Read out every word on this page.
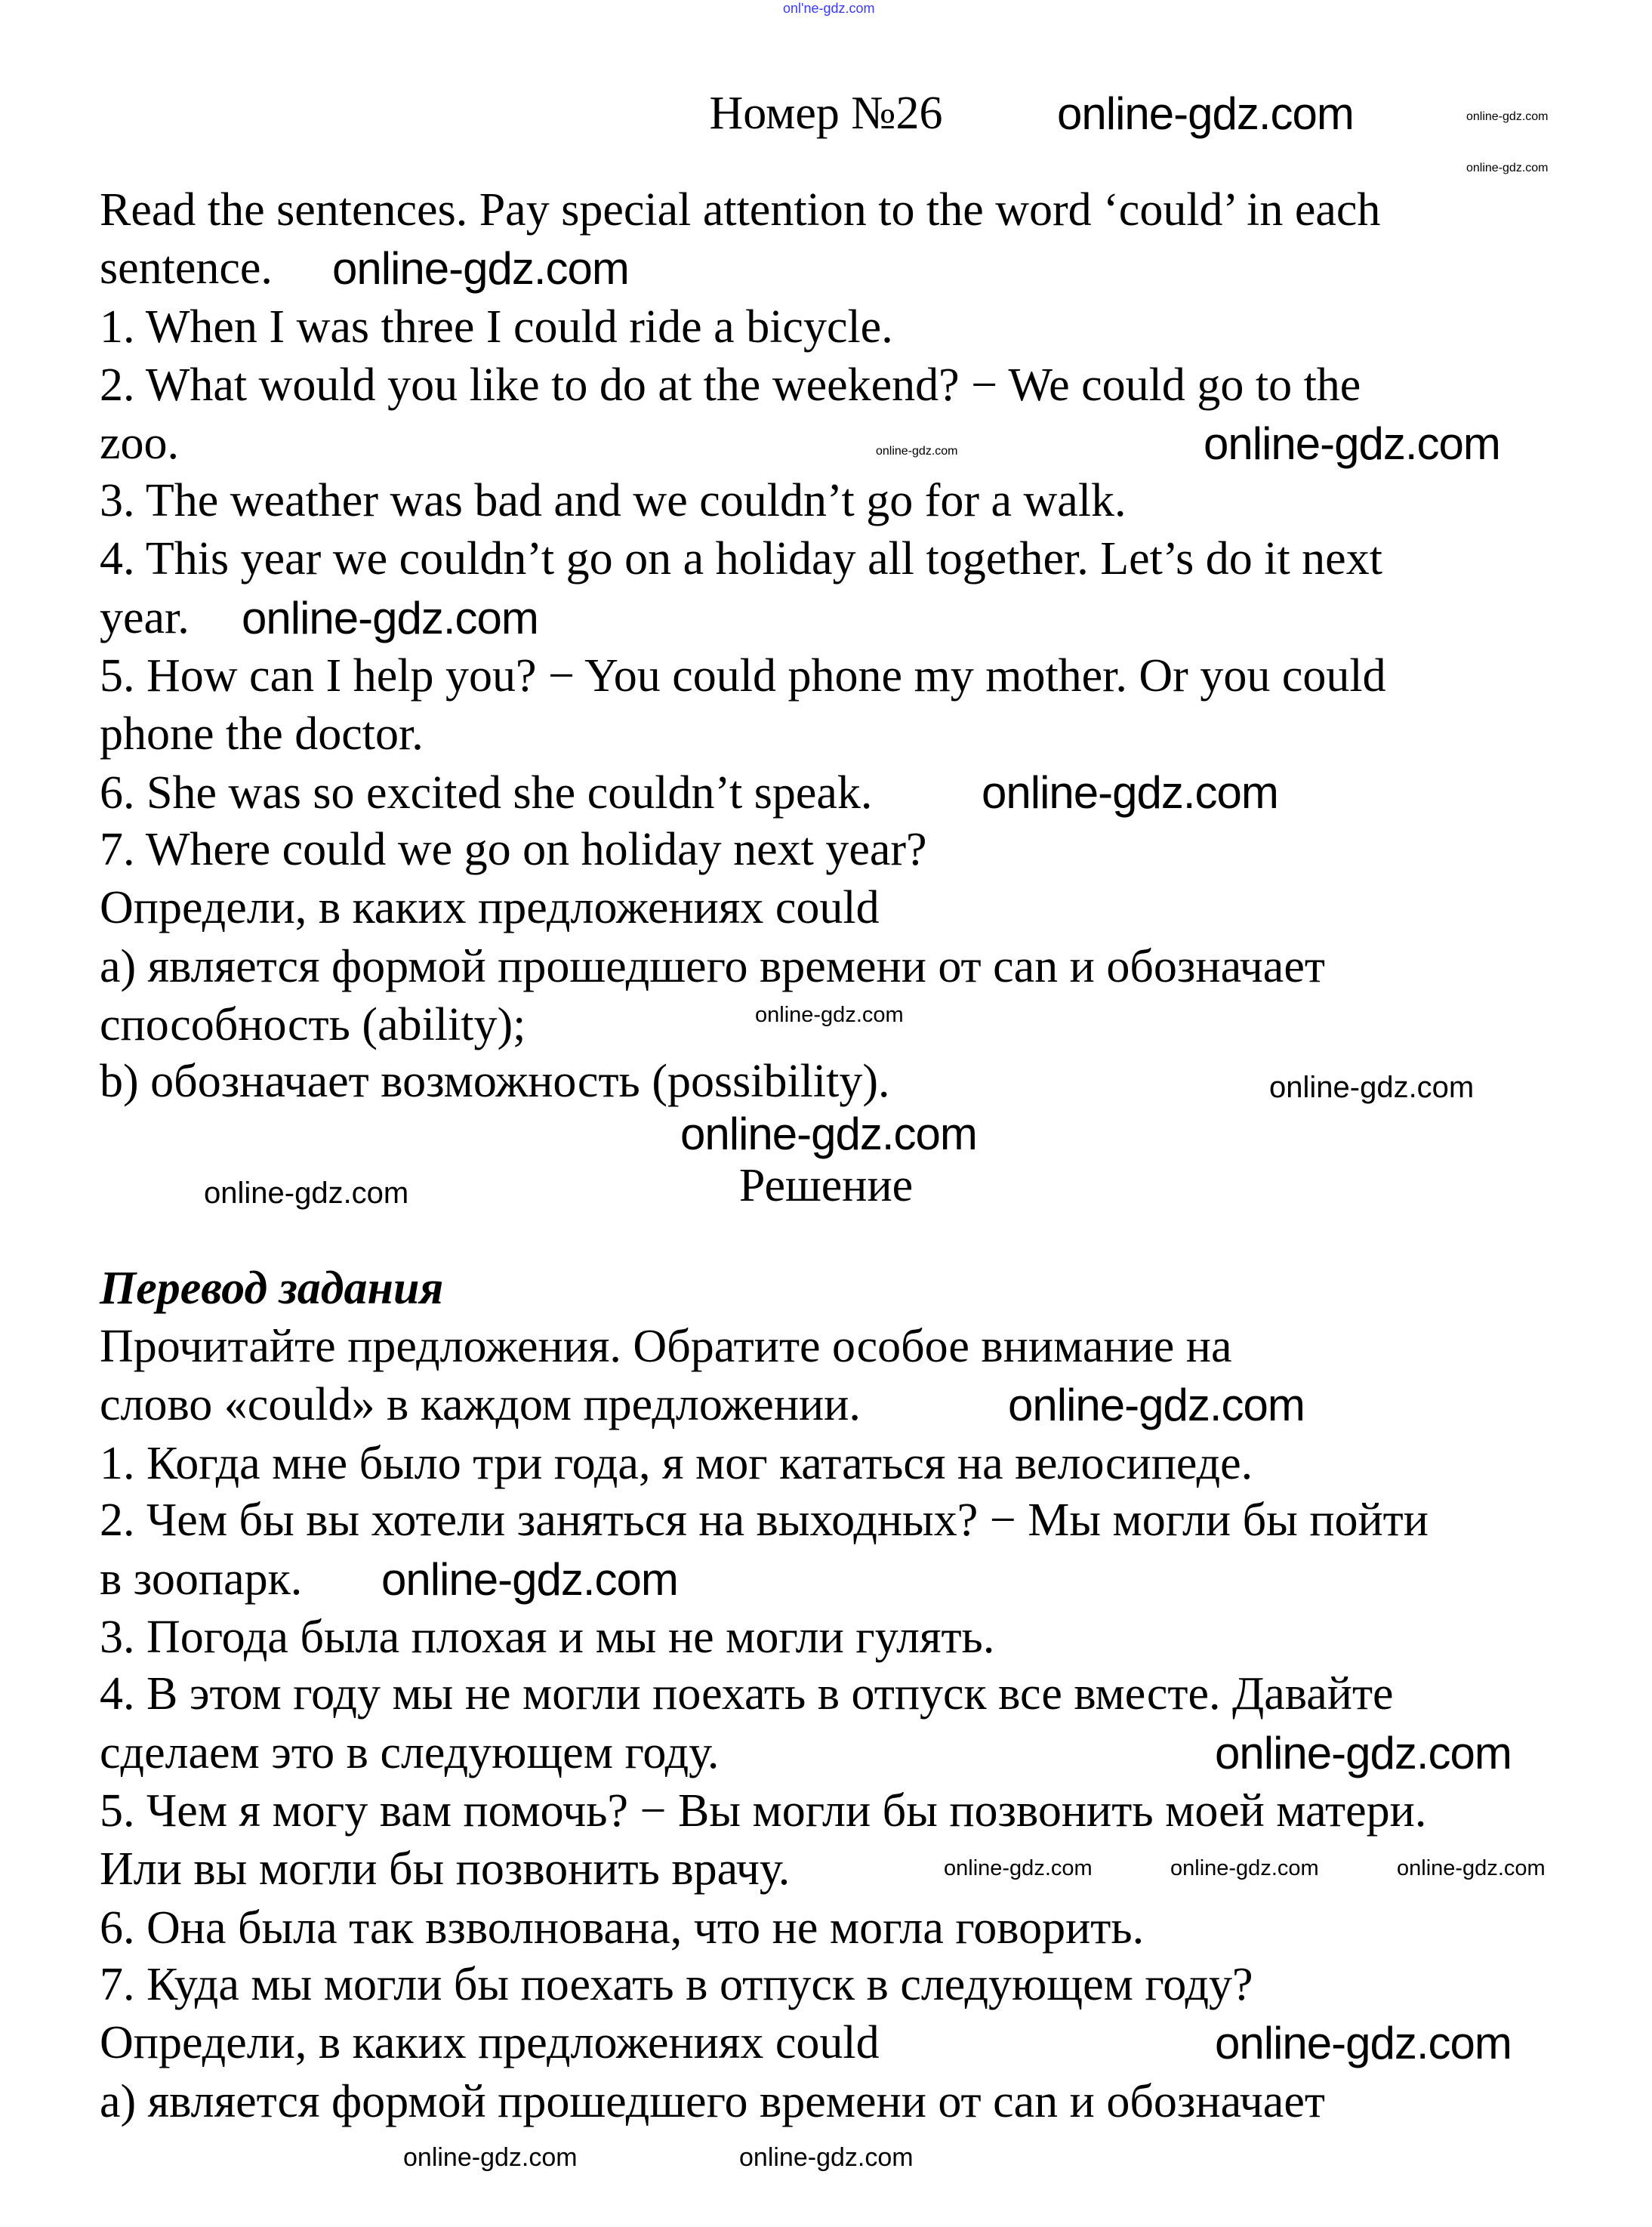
onl'ne-gdz.com
Номер №26
Read the sentences. Pay special attention to the word ‘could’ in each
sentence.
1. When I was three I could ride a bicycle.
2. What would you like to do at the weekend? − We could go to the
zoo.
3. The weather was bad and we couldn’t go for a walk.
4. This year we couldn’t go on a holiday all together. Let’s do it next
year.
5. How can I help you? − You could phone my mother. Or you could
phone the doctor.
6. She was so excited she couldn’t speak.
7. Where could we go on holiday next year?
Определи, в каких предложениях could
a) является формой прошедшего времени от can и обозначает
способность (ability);
b) обозначает возможность (possibility).
Решение
Перевод задания
Прочитайте предложения. Обратите особое внимание на
слово «could» в каждом предложении.
1. Когда мне было три года, я мог кататься на велосипеде.
2. Чем бы вы хотели заняться на выходных? − Мы могли бы пойти
в зоопарк.
3. Погода была плохая и мы не могли гулять.
4. В этом году мы не могли поехать в отпуск все вместе. Давайте
сделаем это в следующем году.
5. Чем я могу вам помочь? − Вы могли бы позвонить моей матери.
Или вы могли бы позвонить врачу.
6. Она была так взволнована, что не могла говорить.
7. Куда мы могли бы поехать в отпуск в следующем году?
Определи, в каких предложениях could
а) является формой прошедшего времени от can и обозначает
online-gdz.com
online-gdz.com
online-gdz.com
online-gdz.com
online-gdz.com
online-gdz.com
online-gdz.com
online-gdz.com
online-gdz.com
online-gdz.com
online-gdz.com
online-gdz.com
online-gdz.com
online-gdz.com	online-gdz.com	online-gdz.com
online-gdz.com	online-gdz.com
online-gdz.com
online-gdz.com
online-gdz.com
